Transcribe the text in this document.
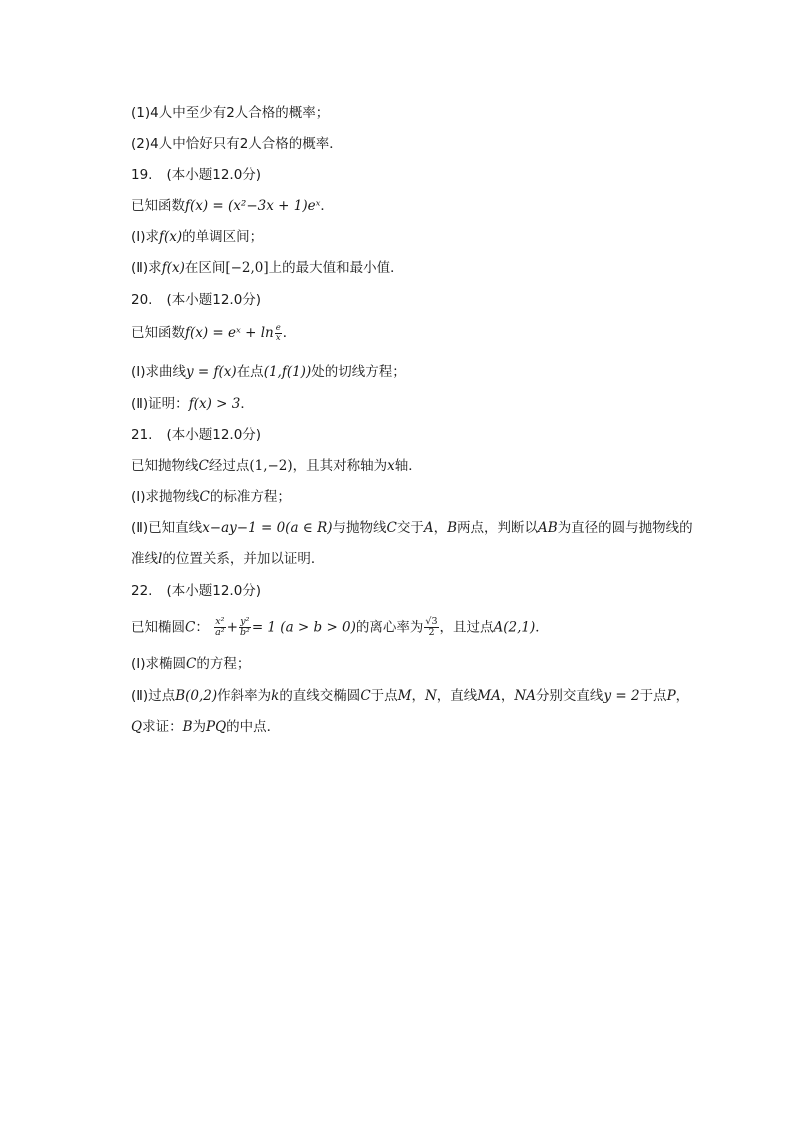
(1)4人中至少有2人合格的概率；
(2)4人中恰好只有2人合格的概率．
19. (本小题12.0分)
已知函数f(x) = (x²−3x + 1)eˣ．
(Ⅰ)求f(x)的单调区间；
(Ⅱ)求f(x)在区间[−2,0]上的最大值和最小值．
20. (本小题12.0分)
已知函数f(x) = eˣ + $\ln \frac{e}{x}$ ．
(Ⅰ)求曲线y = f(x)在点(1,f(1))处的切线方程；
(Ⅱ)证明：f(x) > 3．
21. (本小题12.0分)
已知抛物线C经过点(1,−2)，且其对称轴为x轴．
(Ⅰ)求抛物线C的标准方程；
(Ⅱ)已知直线x−ay−1 = 0(a ∈ R)与抛物线C交于A，B两点，判断以AB为直径的圆与抛物线的
准线l的位置关系，并加以证明．
22. (本小题12.0分)
已知椭圆C： $\frac{\text{x²}}{\text{a²}} + \frac{\text{y²}}{\text{b²}} = 1$ (a > b > 0)的离心率为 $\frac{√3}{2}$ ，且过点A(2,1)．
(Ⅰ)求椭圆C的方程；
(Ⅱ)过点B(0,2)作斜率为k的直线交椭圆C于点M，N，直线MA，NA分别交直线y = 2于点P，
Q求证：B为PQ的中点．
